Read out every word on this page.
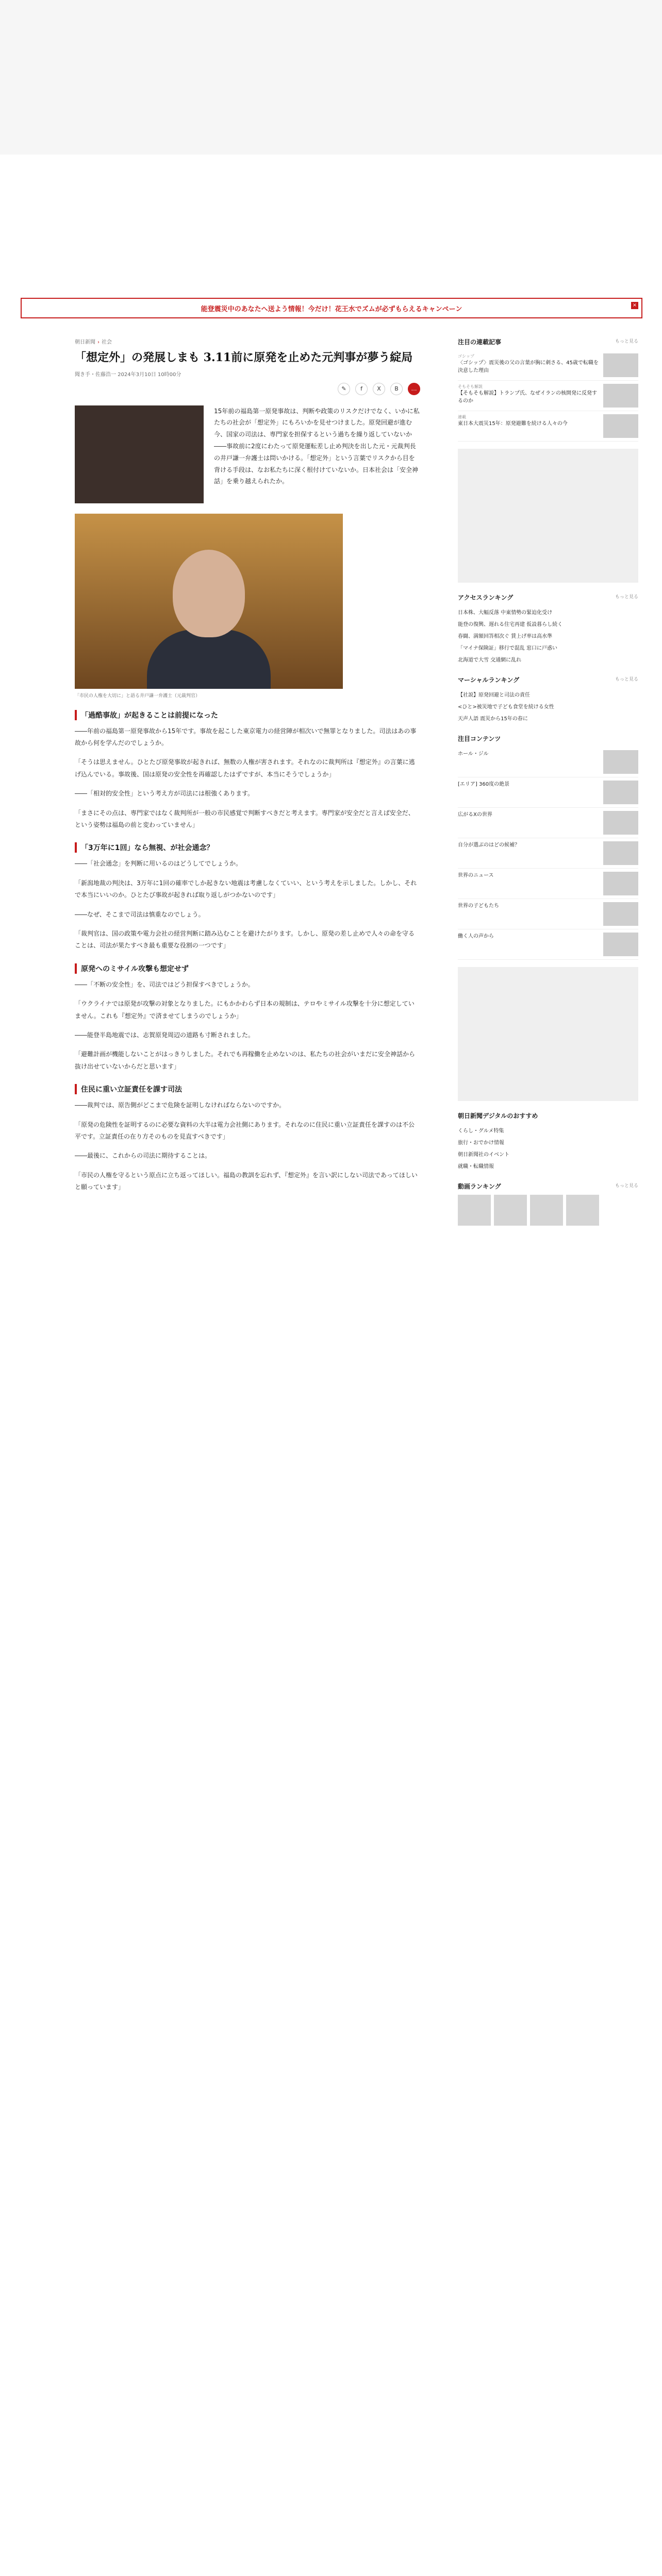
能登震災中のあなたへ送よう情報！今だけ！花王水でズムが必ずもらえるキャンペーン	×
朝日新聞 › 社会
「想定外」の発展しまも 3.11前に原発を止めた元判事が夢う綻局
聞き手・佐藤浩一 2024年3月10日 10時00分
✎	f	X	B	…

15年前の福島第一原発事故は、判断や政策のリスクだけでなく、いかに私たちの社会が「想定外」にもろいかを見せつけました。原発回避が進む今、国家の司法は、専門家を担保するという過ちを繰り返していないか――事故前に2度にわたって原発運転差し止め判決を出した元・元裁判長の井戸謙一弁護士は問いかける。「想定外」という言葉でリスクから目を背ける手段は、なお私たちに深く根付けていないか。日本社会は「安全神話」を乗り越えられたか。

「市民の人権を大切に」と語る井戸謙一弁護士（元裁判官）
「過酷事故」が起きることは前提になった

――年前の福島第一原発事故から15年です。事故を起こした東京電力の経営陣が相次いで無罪となりました。司法はあの事故から何を学んだのでしょうか。

「そうは思えません。ひとたび原発事故が起きれば、無数の人権が害されます。それなのに裁判所は『想定外』の言葉に逃げ込んでいる。事故後、国は原発の安全性を再確認したはずですが、本当にそうでしょうか」

――「相対的安全性」という考え方が司法には根強くあります。

「まさにその点は、専門家ではなく裁判所が一般の市民感覚で判断すべきだと考えます。専門家が安全だと言えば安全だ、という姿勢は福島の前と変わっていません」

「3万年に1回」なら無視、が社会通念？

――「社会通念」を判断に用いるのはどうしてでしょうか。

「新潟地裁の判決は、3万年に1回の確率でしか起きない地震は考慮しなくていい、という考えを示しました。しかし、それで本当にいいのか。ひとたび事故が起きれば取り返しがつかないのです」

――なぜ、そこまで司法は慎重なのでしょう。

「裁判官は、国の政策や電力会社の経営判断に踏み込むことを避けたがります。しかし、原発の差し止めで人々の命を守ることは、司法が果たすべき最も重要な役割の一つです」

原発へのミサイル攻撃も想定せず

――「不断の安全性」を、司法ではどう担保すべきでしょうか。

「ウクライナでは原発が攻撃の対象となりました。にもかかわらず日本の規制は、テロやミサイル攻撃を十分に想定していません。これも『想定外』で済ませてしまうのでしょうか」

――能登半島地震では、志賀原発周辺の道路も寸断されました。

「避難計画が機能しないことがはっきりしました。それでも再稼働を止めないのは、私たちの社会がいまだに安全神話から抜け出せていないからだと思います」

住民に重い立証責任を課す司法

――裁判では、原告側がどこまで危険を証明しなければならないのですか。

「原発の危険性を証明するのに必要な資料の大半は電力会社側にあります。それなのに住民に重い立証責任を課すのは不公平です。立証責任の在り方そのものを見直すべきです」

――最後に、これからの司法に期待することは。

「市民の人権を守るという原点に立ち返ってほしい。福島の教訓を忘れず、『想定外』を言い訳にしない司法であってほしいと願っています」

注目の連載記事	もっと見る
ゴシップ
〈ゴシップ〉震災後の父の言葉が胸に刺さる、45歳で転職を決意した理由
そもそも解説
【そもそも解説】トランプ氏、なぜイランの核開発に反発するのか
連載
東日本大震災15年：原発避難を続ける人々の今
アクセスランキング	もっと見る
日本株、大幅反落 中東情勢の緊迫化受け
能登の復興、遅れる住宅再建 仮設暮らし続く
春闘、満額回答相次ぐ 賃上げ率は高水準
「マイナ保険証」移行で混乱 窓口に戸惑い
北海道で大雪 交通網に乱れ
マーシャルランキング	もっと見る
【社説】原発回避と司法の責任
<ひと>被災地で子ども食堂を続ける女性
天声人語 震災から15年の春に
注目コンテンツ
ホール・ジル
[エリア] 360度の絶景
広がるXの世界
自分が選ぶのはどの候補？
世界のニュース
世界の子どもたち
働く人の声から
朝日新聞デジタルのおすすめ
くらし・グルメ特集
旅行・おでかけ情報
朝日新聞社のイベント
就職・転職情報
動画ランキング	もっと見る
